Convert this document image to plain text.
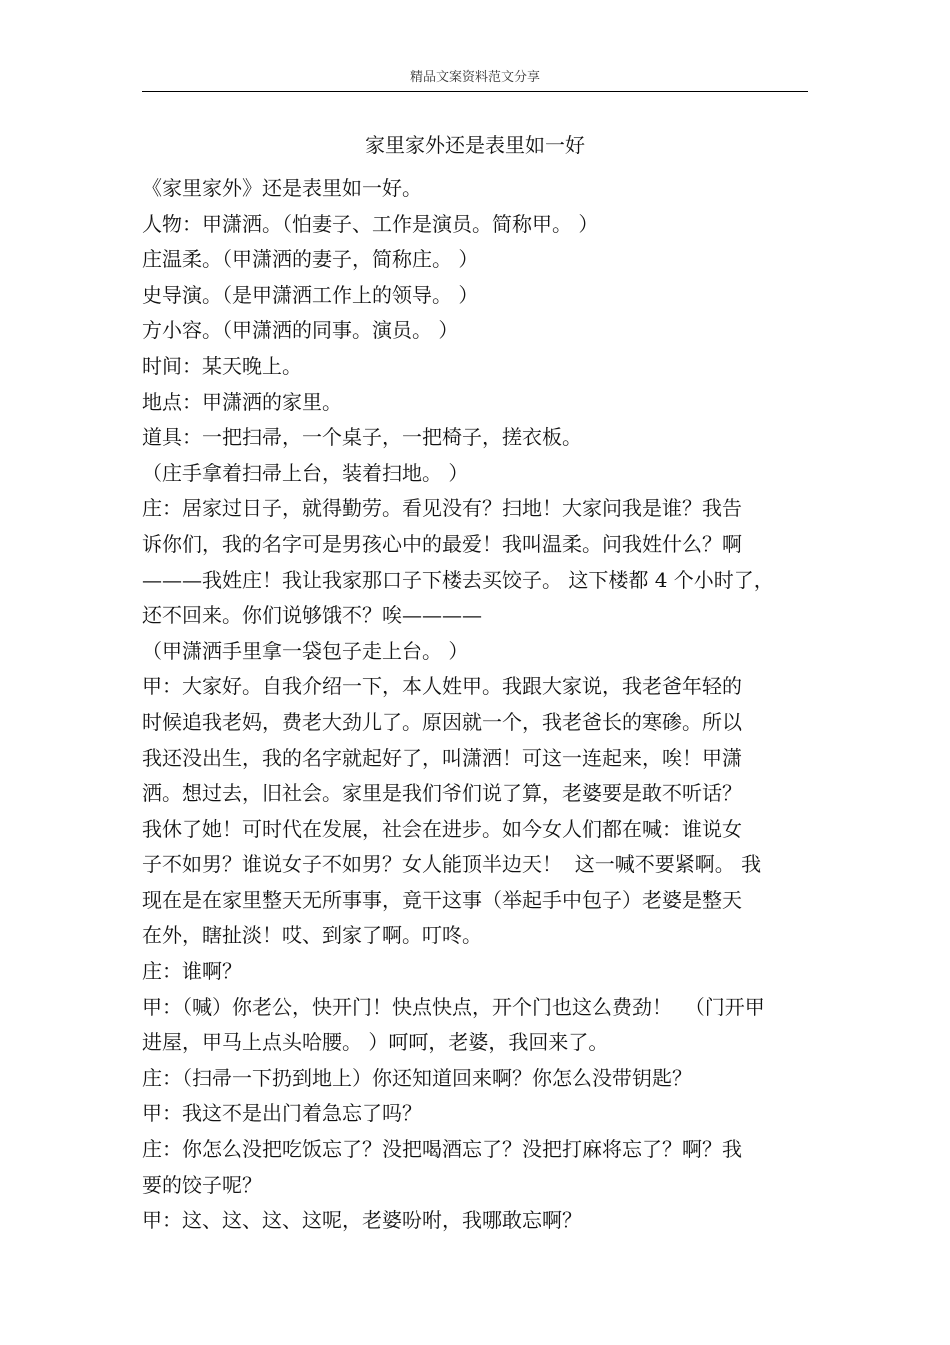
精品文案资料范文分享
家里家外还是表里如一好
《家里家外》还是表里如一好。
人物：甲潇洒。（怕妻子、工作是演员。简称甲。 ）
庄温柔。（甲潇洒的妻子，简称庄。 ）
史导演。（是甲潇洒工作上的领导。 ）
方小容。（甲潇洒的同事。演员。 ）
时间：某天晚上。
地点：甲潇洒的家里。
道具：一把扫帚，一个桌子，一把椅子，搓衣板。
（庄手拿着扫帚上台，装着扫地。 ）
庄：居家过日子，就得勤劳。看见没有？扫地！大家问我是谁？我告
诉你们，我的名字可是男孩心中的最爱！我叫温柔。问我姓什么？啊
———我姓庄！我让我家那口子下楼去买饺子。 这下楼都 4 个小时了，
还不回来。你们说够饿不？唉————
（甲潇洒手里拿一袋包子走上台。 ）
甲：大家好。自我介绍一下，本人姓甲。我跟大家说，我老爸年轻的
时候追我老妈，费老大劲儿了。原因就一个，我老爸长的寒碜。所以
我还没出生，我的名字就起好了，叫潇洒！可这一连起来，唉！甲潇
洒。想过去，旧社会。家里是我们爷们说了算，老婆要是敢不听话？
我休了她！可时代在发展，社会在进步。如今女人们都在喊：谁说女
子不如男？谁说女子不如男？女人能顶半边天！  这一喊不要紧啊。 我
现在是在家里整天无所事事，竟干这事（举起手中包子）老婆是整天
在外，瞎扯淡！哎、到家了啊。叮咚。
庄：谁啊？
甲：（喊）你老公，快开门！快点快点，开个门也这么费劲！  （门开甲
进屋，甲马上点头哈腰。 ）呵呵，老婆，我回来了。
庄：（扫帚一下扔到地上）你还知道回来啊？你怎么没带钥匙？
甲：我这不是出门着急忘了吗？
庄：你怎么没把吃饭忘了？没把喝酒忘了？没把打麻将忘了？啊？我
要的饺子呢？
甲：这、这、这、这呢，老婆吩咐，我哪敢忘啊？
